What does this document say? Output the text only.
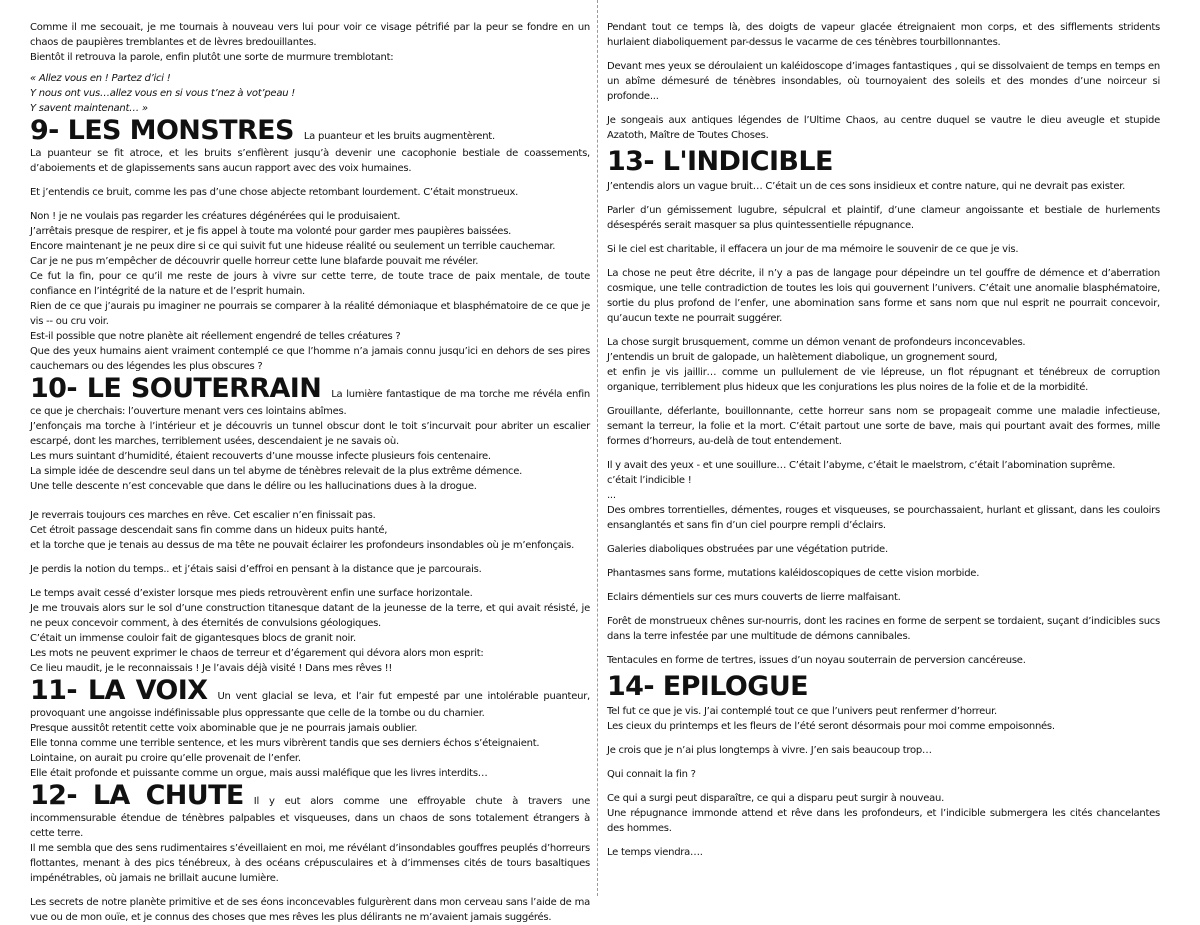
Comme il me secouait, je me tournais à nouveau vers lui pour voir ce visage pétrifié par la peur se fondre en un chaos de paupières tremblantes et de lèvres bredouillantes.

Bientôt il retrouva la parole, enfin plutôt une sorte de murmure tremblotant:

« Allez vous en ! Partez d’ici !

Y nous ont vus…allez vous en si vous t’nez à vot’peau !

Y savent maintenant… »

9- LES MONSTRES La puanteur et les bruits augmentèrent.

La puanteur se fit atroce, et les bruits s’enflèrent jusqu’à devenir une cacophonie bestiale de coassements, d’aboiements et de glapissements sans aucun rapport avec des voix humaines.

Et j’entendis ce bruit, comme les pas d’une chose abjecte retombant lourdement. C’était monstrueux.

Non ! je ne voulais pas regarder les créatures dégénérées qui le produisaient.

J’arrêtais presque de respirer, et je fis appel à toute ma volonté pour garder mes paupières baissées.

Encore maintenant je ne peux dire si ce qui suivit fut une hideuse réalité ou seulement un terrible cauchemar.

Car je ne pus m’empêcher de découvrir quelle horreur cette lune blafarde pouvait me révéler.

Ce fut la fin, pour ce qu’il me reste de jours à vivre sur cette terre, de toute trace de paix mentale, de toute confiance en l’intégrité de la nature et de l’esprit humain.

Rien de ce que j’aurais pu imaginer ne pourrais se comparer à la réalité démoniaque et blasphématoire de ce que je vis -- ou cru voir.

Est-il possible que notre planète ait réellement engendré de telles créatures ?

Que des yeux humains aient vraiment contemplé ce que l’homme n’a jamais connu jusqu’ici en dehors de ses pires cauchemars ou des légendes les plus obscures ?

10- LE SOUTERRAIN La lumière fantastique de ma torche me révéla enfin ce que je cherchais: l’ouverture menant vers ces lointains abîmes.

J’enfonçais ma torche à l’intérieur et je découvris un tunnel obscur dont le toit s’incurvait pour abriter un escalier escarpé, dont les marches, terriblement usées, descendaient je ne savais où.

Les murs suintant d’humidité, étaient recouverts d’une mousse infecte plusieurs fois centenaire.

La simple idée de descendre seul dans un tel abyme de ténèbres relevait de la plus extrême démence.

Une telle descente n’est concevable que dans le délire ou les hallucinations dues à la drogue.

Je reverrais toujours ces marches en rêve. Cet escalier n’en finissait pas.

Cet étroit passage descendait sans fin comme dans un hideux puits hanté,

et la torche que je tenais au dessus de ma tête ne pouvait éclairer les profondeurs insondables où je m’enfonçais.

Je perdis la notion du temps.. et j’étais saisi d’effroi en pensant à la distance que je parcourais.

Le temps avait cessé d’exister lorsque mes pieds retrouvèrent enfin une surface horizontale.

Je me trouvais alors sur le sol d’une construction titanesque datant de la jeunesse de la terre, et qui avait résisté, je ne peux concevoir comment, à des éternités de convulsions géologiques.

C’était un immense couloir fait de gigantesques blocs de granit noir.

Les mots ne peuvent exprimer le chaos de terreur et d’égarement qui dévora alors mon esprit:

Ce lieu maudit, je le reconnaissais ! Je l’avais déjà visité ! Dans mes rêves !!

11- LA VOIX Un vent glacial se leva, et l’air fut empesté par une intolérable puanteur, provoquant une angoisse indéfinissable plus oppressante que celle de la tombe ou du charnier.

Presque aussitôt retentit cette voix abominable que je ne pourrais jamais oublier.

Elle tonna comme une terrible sentence, et les murs vibrèrent tandis que ses derniers échos s’éteignaient.

Lointaine, on aurait pu croire qu’elle provenait de l’enfer.

Elle était profonde et puissante comme un orgue, mais aussi maléfique que les livres interdits…

12- LA CHUTE Il y eut alors comme une effroyable chute à travers une incommensurable étendue de ténèbres palpables et visqueuses, dans un chaos de sons totalement étrangers à cette terre.

Il me sembla que des sens rudimentaires s’éveillaient en moi, me révélant d’insondables gouffres peuplés d’horreurs flottantes, menant à des pics ténébreux, à des océans crépusculaires et à d’immenses cités de tours basaltiques impénétrables, où jamais ne brillait aucune lumière.

Les secrets de notre planète primitive et de ses éons inconcevables fulgurèrent dans mon cerveau sans l’aide de ma vue ou de mon ouïe, et je connus des choses que mes rêves les plus délirants ne m’avaient jamais suggérés.

Pendant tout ce temps là, des doigts de vapeur glacée étreignaient mon corps, et des sifflements stridents hurlaient diaboliquement par-dessus le vacarme de ces ténèbres tourbillonnantes.

Devant mes yeux se déroulaient un kaléidoscope d’images fantastiques , qui se dissolvaient de temps en temps en un abîme démesuré de ténèbres insondables, où tournoyaient des soleils et des mondes d’une noirceur si profonde...

Je songeais aux antiques légendes de l’Ultime Chaos, au centre duquel se vautre le dieu aveugle et stupide Azatoth, Maître de Toutes Choses.

13- L'INDICIBLE

J’entendis alors un vague bruit… C’était un de ces sons insidieux et contre nature, qui ne devrait pas exister.

Parler d’un gémissement lugubre, sépulcral et plaintif, d’une clameur angoissante et bestiale de hurlements désespérés serait masquer sa plus quintessentielle répugnance.

Si le ciel est charitable, il effacera un jour de ma mémoire le souvenir de ce que je vis.

La chose ne peut être décrite, il n’y a pas de langage pour dépeindre un tel gouffre de démence et d’aberration cosmique, une telle contradiction de toutes les lois qui gouvernent l’univers. C’était une anomalie blasphématoire, sortie du plus profond de l’enfer, une abomination sans forme et sans nom que nul esprit ne pourrait concevoir, qu’aucun texte ne pourrait suggérer.

La chose surgit brusquement, comme un démon venant de profondeurs inconcevables.

J’entendis un bruit de galopade, un halètement diabolique, un grognement sourd,

et enfin je vis jaillir… comme un pullulement de vie lépreuse, un flot répugnant et ténébreux de corruption organique, terriblement plus hideux que les conjurations les plus noires de la folie et de la morbidité.

Grouillante, déferlante, bouillonnante, cette horreur sans nom se propageait comme une maladie infectieuse, semant la terreur, la folie et la mort. C’était partout une sorte de bave, mais qui pourtant avait des formes, mille formes d’horreurs, au-delà de tout entendement.

Il y avait des yeux - et une souillure… C’était l’abyme, c’était le maelstrom, c’était l’abomination suprême.

c’était l’indicible !

...

Des ombres torrentielles, démentes, rouges et visqueuses, se pourchassaient, hurlant et glissant, dans les couloirs ensanglantés et sans fin d’un ciel pourpre rempli d’éclairs.

Galeries diaboliques obstruées par une végétation putride.

Phantasmes sans forme, mutations kaléidoscopiques de cette vision morbide.

Eclairs démentiels sur ces murs couverts de lierre malfaisant.

Forêt de monstrueux chênes sur-nourris, dont les racines en forme de serpent se tordaient, suçant d’indicibles sucs dans la terre infestée par une multitude de démons cannibales.

Tentacules en forme de tertres, issues d’un noyau souterrain de perversion cancéreuse.

14- EPILOGUE

Tel fut ce que je vis. J’ai contemplé tout ce que l’univers peut renfermer d’horreur.

Les cieux du printemps et les fleurs de l’été seront désormais pour moi comme empoisonnés.

Je crois que je n’ai plus longtemps à vivre. J’en sais beaucoup trop…

Qui connait la fin ?

Ce qui a surgi peut disparaître, ce qui a disparu peut surgir à nouveau.

Une répugnance immonde attend et rêve dans les profondeurs, et l’indicible submergera les cités chancelantes des hommes.

Le temps viendra….
